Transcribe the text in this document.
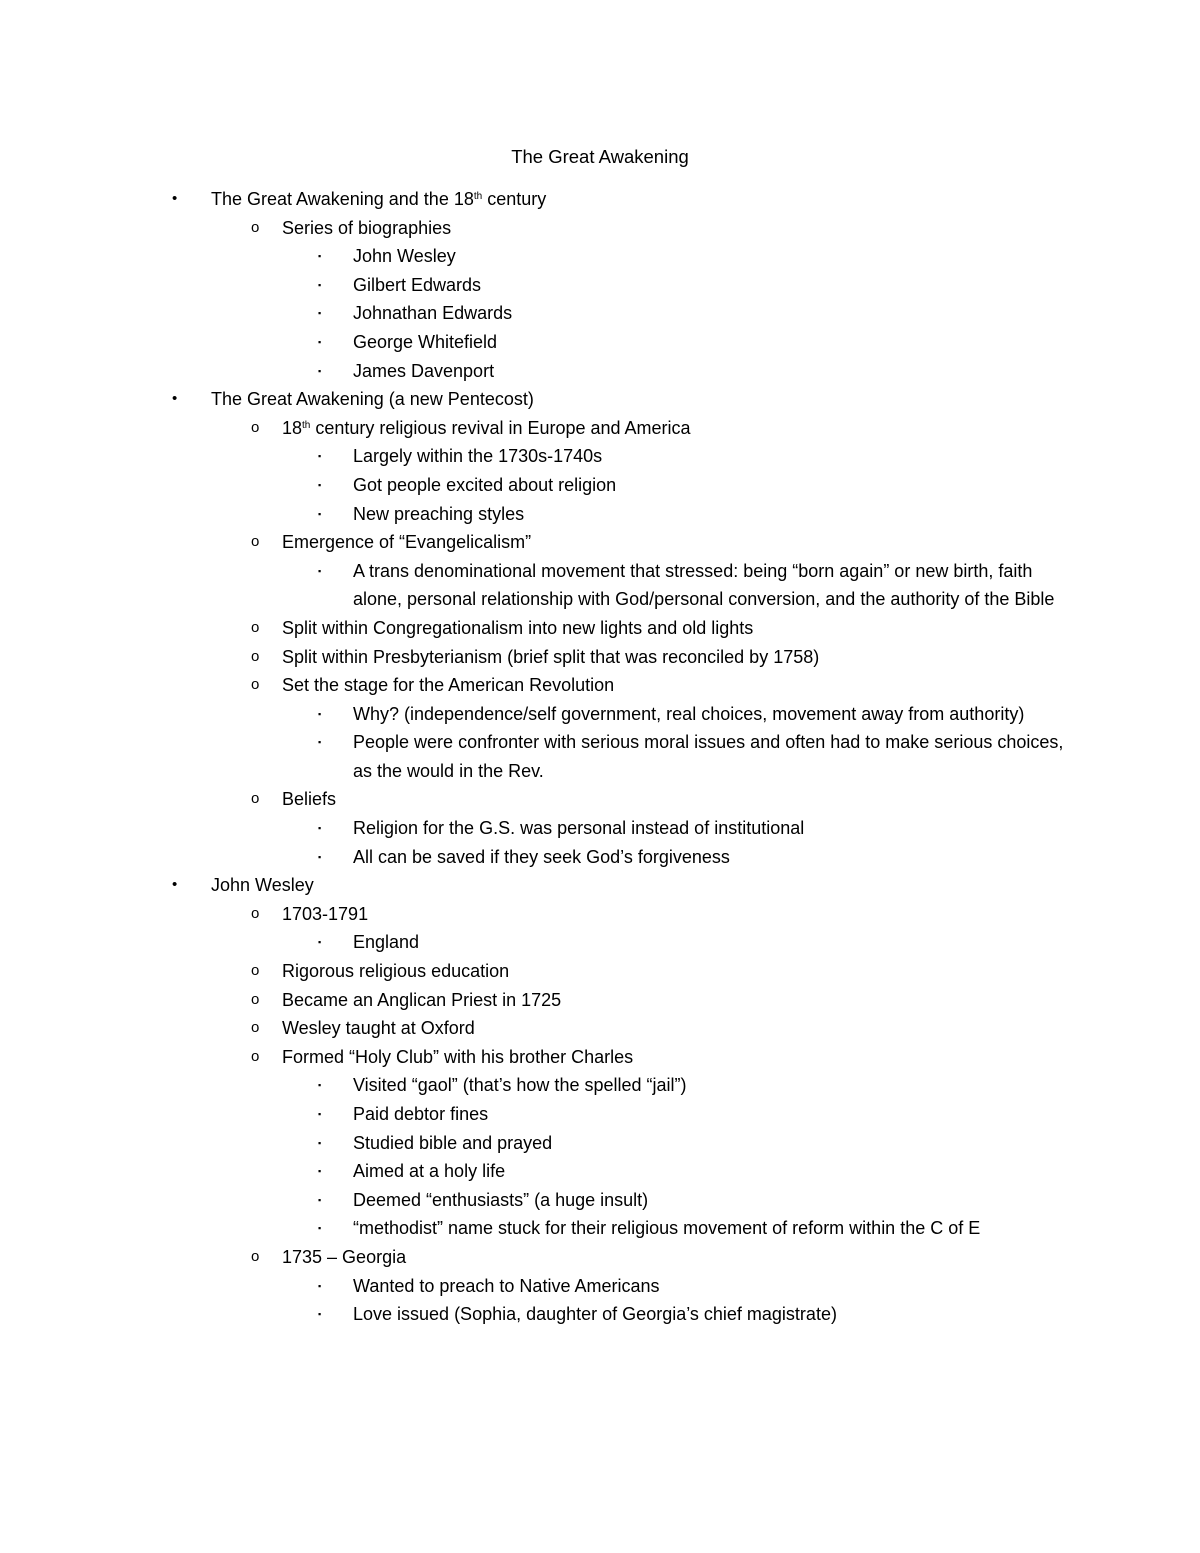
The Great Awakening
• The Great Awakening and the 18th century
o Series of biographies
▪ John Wesley
▪ Gilbert Edwards
▪ Johnathan Edwards
▪ George Whitefield
▪ James Davenport
• The Great Awakening (a new Pentecost)
o 18th century religious revival in Europe and America
▪ Largely within the 1730s-1740s
▪ Got people excited about religion
▪ New preaching styles
o Emergence of “Evangelicalism”
▪ A trans denominational movement that stressed: being “born again” or new birth, faith alone, personal relationship with God/personal conversion, and the authority of the Bible
o Split within Congregationalism into new lights and old lights
o Split within Presbyterianism (brief split that was reconciled by 1758)
o Set the stage for the American Revolution
▪ Why? (independence/self government, real choices, movement away from authority)
▪ People were confronter with serious moral issues and often had to make serious choices, as the would in the Rev.
o Beliefs
▪ Religion for the G.S. was personal instead of institutional
▪ All can be saved if they seek God’s forgiveness
• John Wesley
o 1703-1791
▪ England
o Rigorous religious education
o Became an Anglican Priest in 1725
o Wesley taught at Oxford
o Formed “Holy Club” with his brother Charles
▪ Visited “gaol” (that’s how the spelled “jail”)
▪ Paid debtor fines
▪ Studied bible and prayed
▪ Aimed at a holy life
▪ Deemed “enthusiasts” (a huge insult)
▪ “methodist” name stuck for their religious movement of reform within the C of E
o 1735 – Georgia
▪ Wanted to preach to Native Americans
▪ Love issued (Sophia, daughter of Georgia’s chief magistrate)
